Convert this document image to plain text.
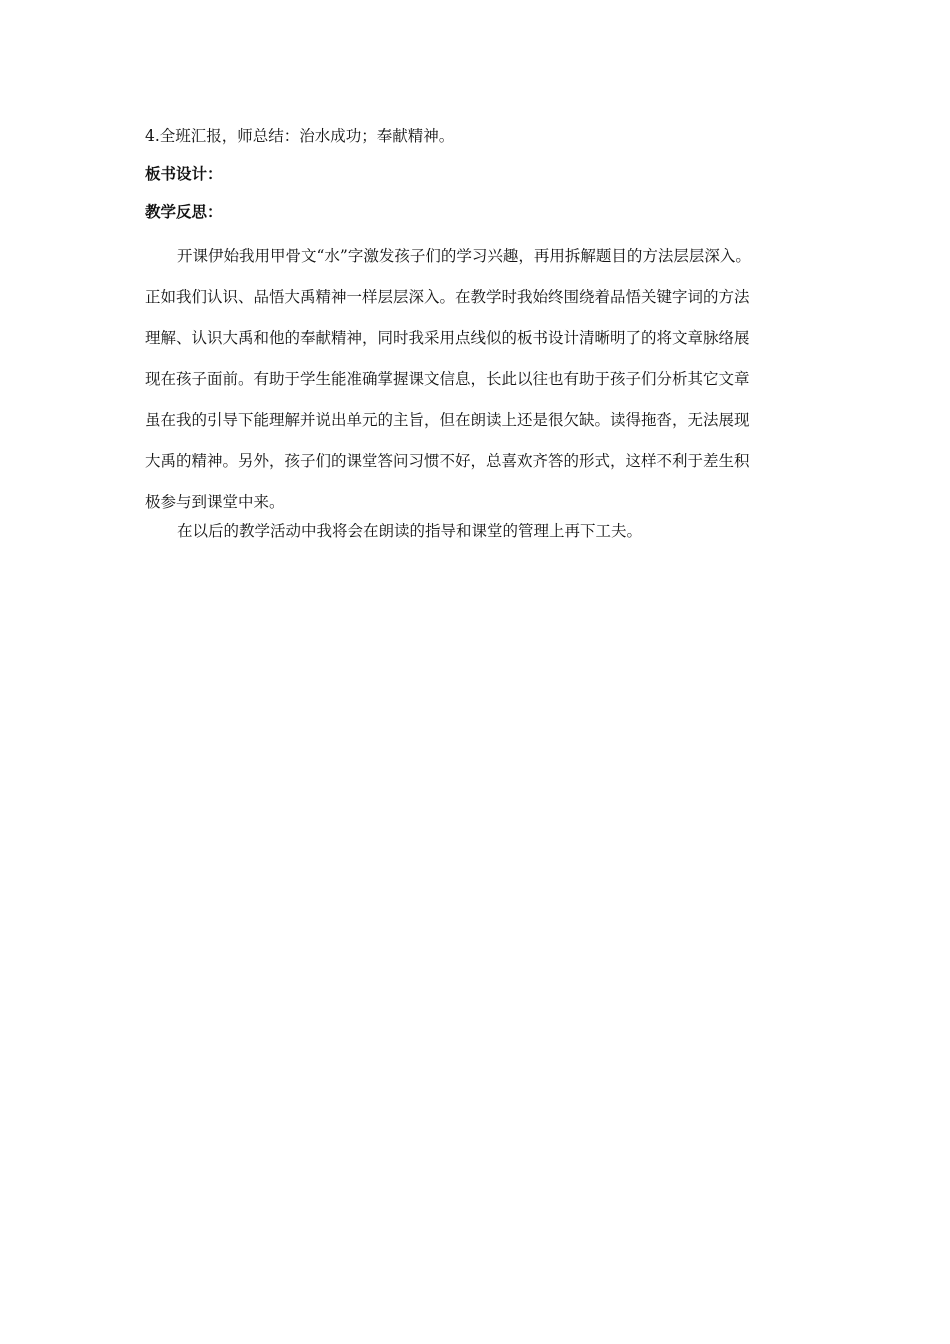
4.全班汇报，师总结：治水成功；奉献精神。

板书设计：
教学反思：
开课伊始我用甲骨文“水”字激发孩子们的学习兴趣，再用拆解题目的方法层层深入。
正如我们认识、品悟大禹精神一样层层深入。在教学时我始终围绕着品悟关键字词的方法
理解、认识大禹和他的奉献精神，同时我采用点线似的板书设计清晰明了的将文章脉络展
现在孩子面前。有助于学生能准确掌握课文信息，长此以往也有助于孩子们分析其它文章
虽在我的引导下能理解并说出单元的主旨，但在朗读上还是很欠缺。读得拖沓，无法展现
大禹的精神。另外，孩子们的课堂答问习惯不好，总喜欢齐答的形式，这样不利于差生积
极参与到课堂中来。
在以后的教学活动中我将会在朗读的指导和课堂的管理上再下工夫。
